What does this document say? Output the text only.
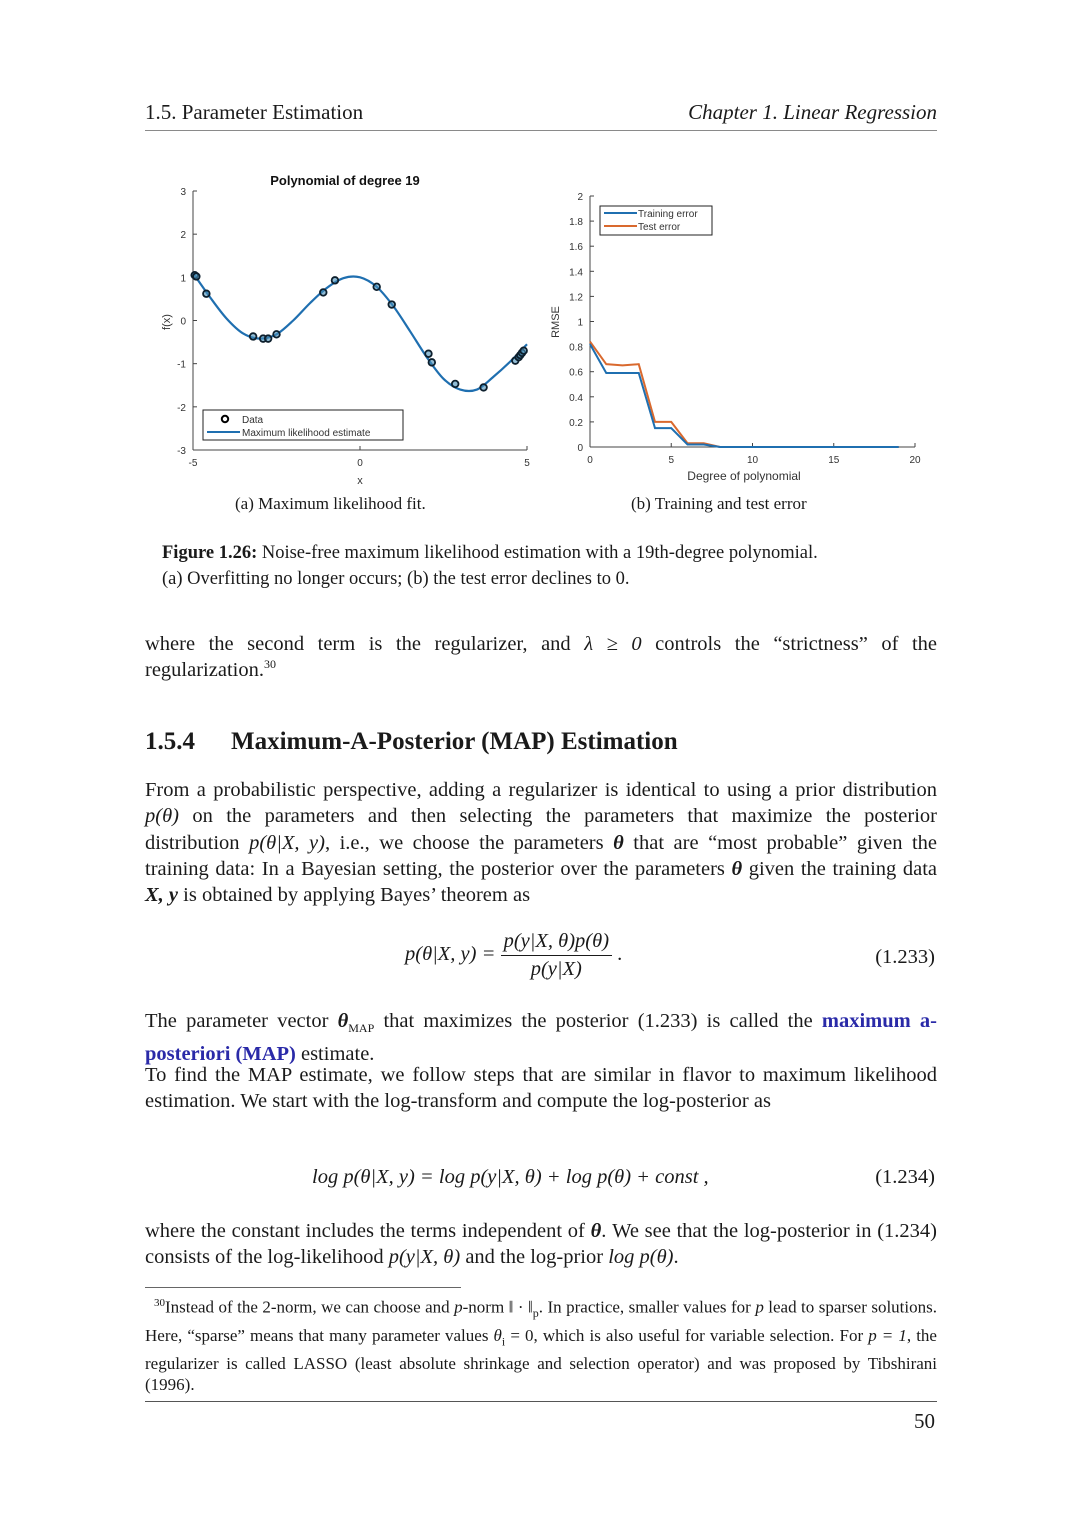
1.5. Parameter Estimation	Chapter 1. Linear Regression
Polynomial of degree 19
3
2
1
0
-1
-2
-3
-5	0	5
f(x)
x
Data
Maximum likelihood estimate
2
1.8
1.6
1.4
1.2
1
0.8
0.6
0.4
0.2
0
0	5	10	15	20
RMSE
Degree of polynomial
Training error
Test error
(a) Maximum likelihood fit.	(b) Training and test error
Figure 1.26: Noise-free maximum likelihood estimation with a 19th-degree polynomial.
(a) Overfitting no longer occurs; (b) the test error declines to 0.
where the second term is the regularizer, and λ ≥ 0 controls the “strictness” of the regularization.$^{30}$
1.5.4 Maximum-A-Posterior (MAP) Estimation
From a probabilistic perspective, adding a regularizer is identical to using a prior distribution p(θ) on the parameters and then selecting the parameters that maximize the posterior distribution p(θ|X, y), i.e., we choose the parameters θ that are “most probable” given the training data: In a Bayesian setting, the posterior over the parameters θ given the training data X, y is obtained by applying Bayes’ theorem as
p(θ|X, $y) = \frac{p(y|X, \theta)p(\theta)}{p(y|X)}$ .	(1.233)
The parameter vector $\theta_{MAP}$ that maximizes the posterior (1.233) is called the maximum a-posteriori (MAP) estimate.
To find the MAP estimate, we follow steps that are similar in flavor to maximum likelihood estimation. We start with the log-transform and compute the log-posterior as
log p(θ|X, y) = log p(y|X, θ) + log p(θ) + const ,	(1.234)
where the constant includes the terms independent of θ. We see that the log-posterior in (1.234) consists of the log-likelihood p(y|X, θ) and the log-prior log p(θ).
$^{30}$Instead of the 2-norm, we can choose and p-norm ‖ · $‖_p$. In practice, smaller values for p lead to sparser solutions. Here, “sparse” means that many parameter values $\theta_i = 0$, which is also useful for variable selection. For p = 1, the regularizer is called LASSO (least absolute shrinkage and selection operator) and was proposed by Tibshirani (1996).
50
